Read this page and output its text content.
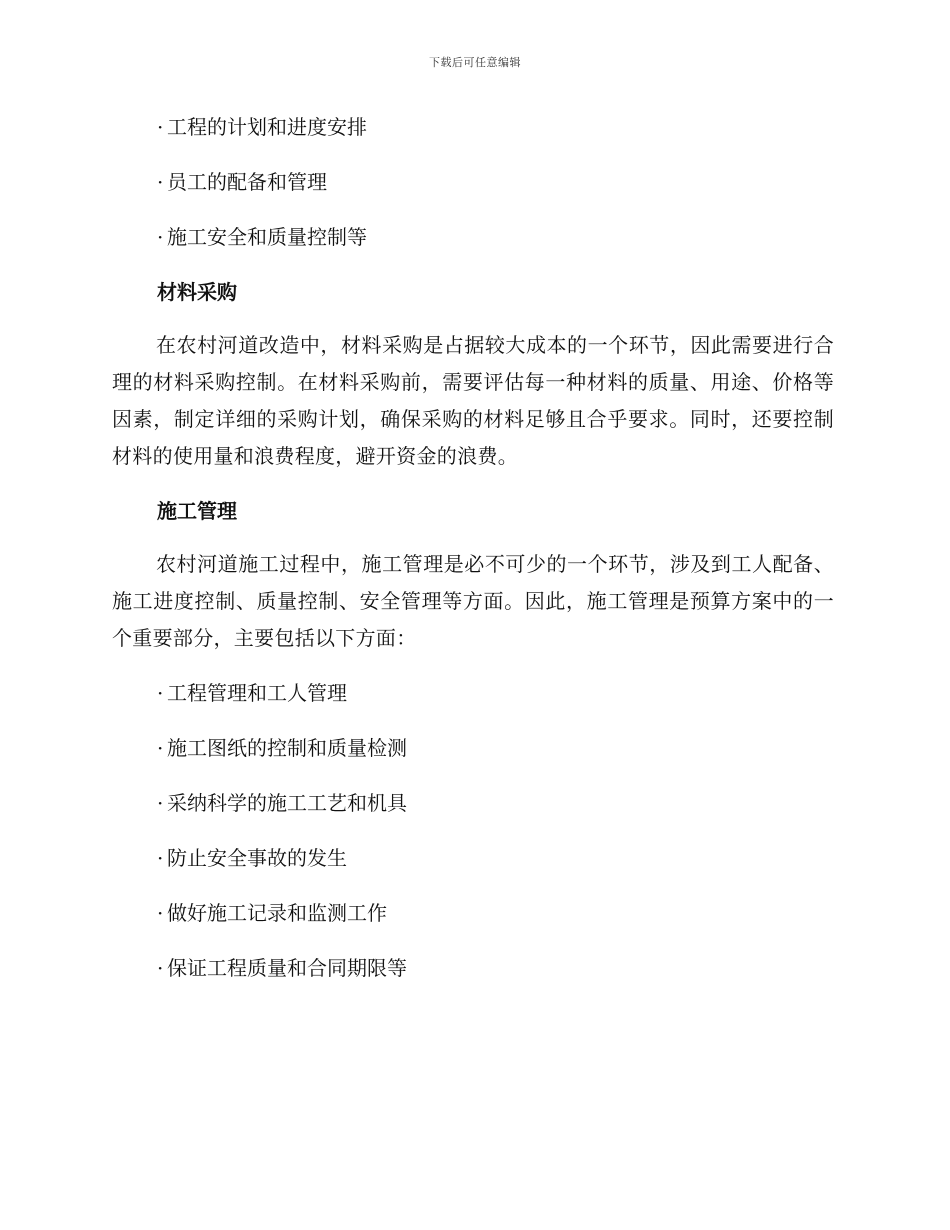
下载后可任意编辑
· 工程的计划和进度安排
· 员工的配备和管理
· 施工安全和质量控制等
材料采购

在农村河道改造中，材料采购是占据较大成本的一个环节，因此需要进行合理的材料采购控制。在材料采购前，需要评估每一种材料的质量、用途、价格等因素，制定详细的采购计划，确保采购的材料足够且合乎要求。同时，还要控制材料的使用量和浪费程度，避开资金的浪费。

施工管理

农村河道施工过程中，施工管理是必不可少的一个环节，涉及到工人配备、施工进度控制、质量控制、安全管理等方面。因此，施工管理是预算方案中的一个重要部分，主要包括以下方面：

· 工程管理和工人管理
· 施工图纸的控制和质量检测
· 采纳科学的施工工艺和机具
· 防止安全事故的发生
· 做好施工记录和监测工作
· 保证工程质量和合同期限等
